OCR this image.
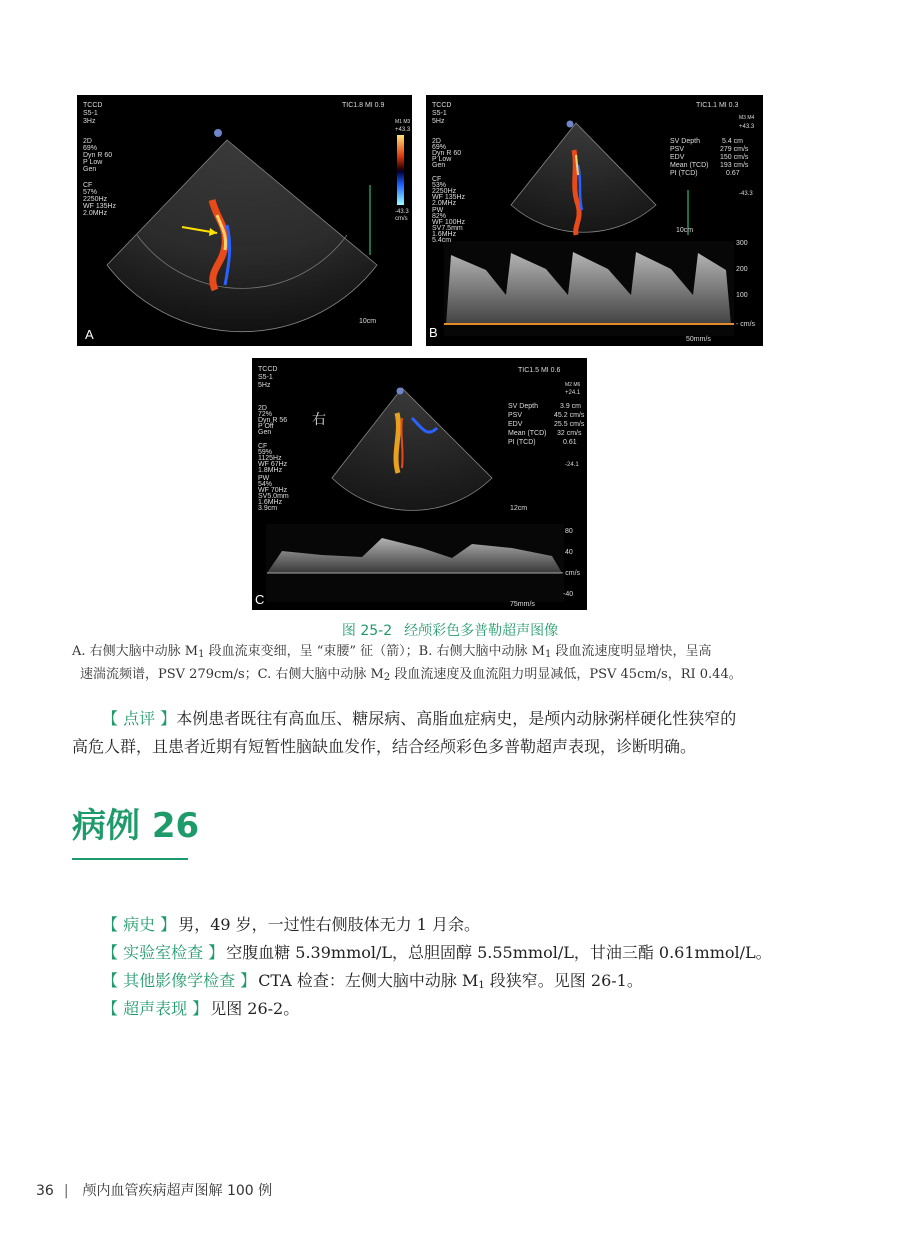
TCCD
S5-1
3Hz
TIC1.8 MI 0.9
M1 M3
+43.3
-43.3
cm/s
2D
69%
Dyn R 60
P Low
Gen
CF
57%
2250Hz
WF 135Hz
2.0MHz
10cm
A
TCCD
S5-1
5Hz
TIC1.1 MI 0.3
M3 M4
+43.3
-43.3
2D
69%
Dyn R 60
P Low
Gen
CF
53%
2250Hz
WF 135Hz
2.0MHz
PW
82%
WF 100Hz
SV7.5mm
1.6MHz
5.4cm
SV Depth
PSV
EDV
Mean (TCD)
PI (TCD)
5.4 cm
279 cm/s
150 cm/s
193 cm/s
0.67
10cm
300
200
100
- cm/s
50mm/s
B
右
TCCD
S5-1
5Hz
TIC1.5 MI 0.6
M2 M6
+24.1
-24.1
2D
72%
Dyn R 56
P Off
Gen
CF
59%
1125Hz
WF 67Hz
1.8MHz
PW
54%
WF 70Hz
SV5.0mm
1.6MHz
3.9cm
SV Depth
PSV
EDV
Mean (TCD)
PI (TCD)
3.9 cm
45.2 cm/s
25.5 cm/s
32 cm/s
0.61
12cm
80
40
- cm/s
-40
75mm/s
C
图 25-2 经颅彩色多普勒超声图像
A. 右侧大脑中动脉 $M_1$ 段血流束变细，呈 “束腰” 征（箭）；B. 右侧大脑中动脉 $M_1$ 段血流速度明显增快，呈高
速湍流频谱，PSV 279cm/s；C. 右侧大脑中动脉 $M_2$ 段血流速度及血流阻力明显减低，PSV 45cm/s，RI 0.44。
【 点评 】本例患者既往有高血压、糖尿病、高脂血症病史，是颅内动脉粥样硬化性狭窄的
高危人群，且患者近期有短暂性脑缺血发作，结合经颅彩色多普勒超声表现，诊断明确。
病例 26
【 病史 】 男，49 岁，一过性右侧肢体无力 1 月余。
【 实验室检查 】 空腹血糖 5.39mmol/L，总胆固醇 5.55mmol/L，甘油三酯 0.61mmol/L。
【 其他影像学检查 】 CTA 检查：左侧大脑中动脉 $M_1$ 段狭窄。见图 26-1。
【 超声表现 】 见图 26-2。
36 | 颅内血管疾病超声图解 100 例
